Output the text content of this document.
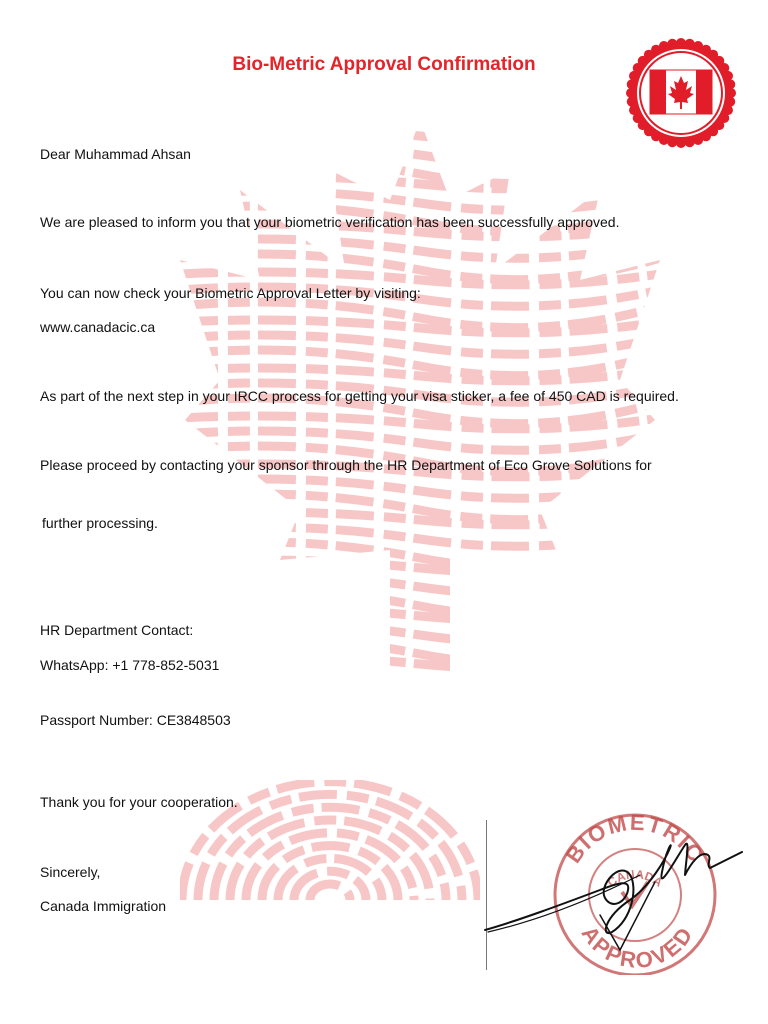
Bio-Metric Approval Confirmation
Dear Muhammad Ahsan
We are pleased to inform you that your biometric verification has been successfully approved.
You can now check your Biometric Approval Letter by visiting:
www.canadacic.ca
As part of the next step in your IRCC process for getting your visa sticker, a fee of 450 CAD is required.
Please proceed by contacting your sponsor through the HR Department of Eco Grove Solutions for
further processing.
HR Department Contact:
WhatsApp: +1 778-852-5031
Passport Number: CE3848503
Thank you for your cooperation.
Sincerely,
Canada Immigration
BIOMETRIC
CANADA
APPROVED
